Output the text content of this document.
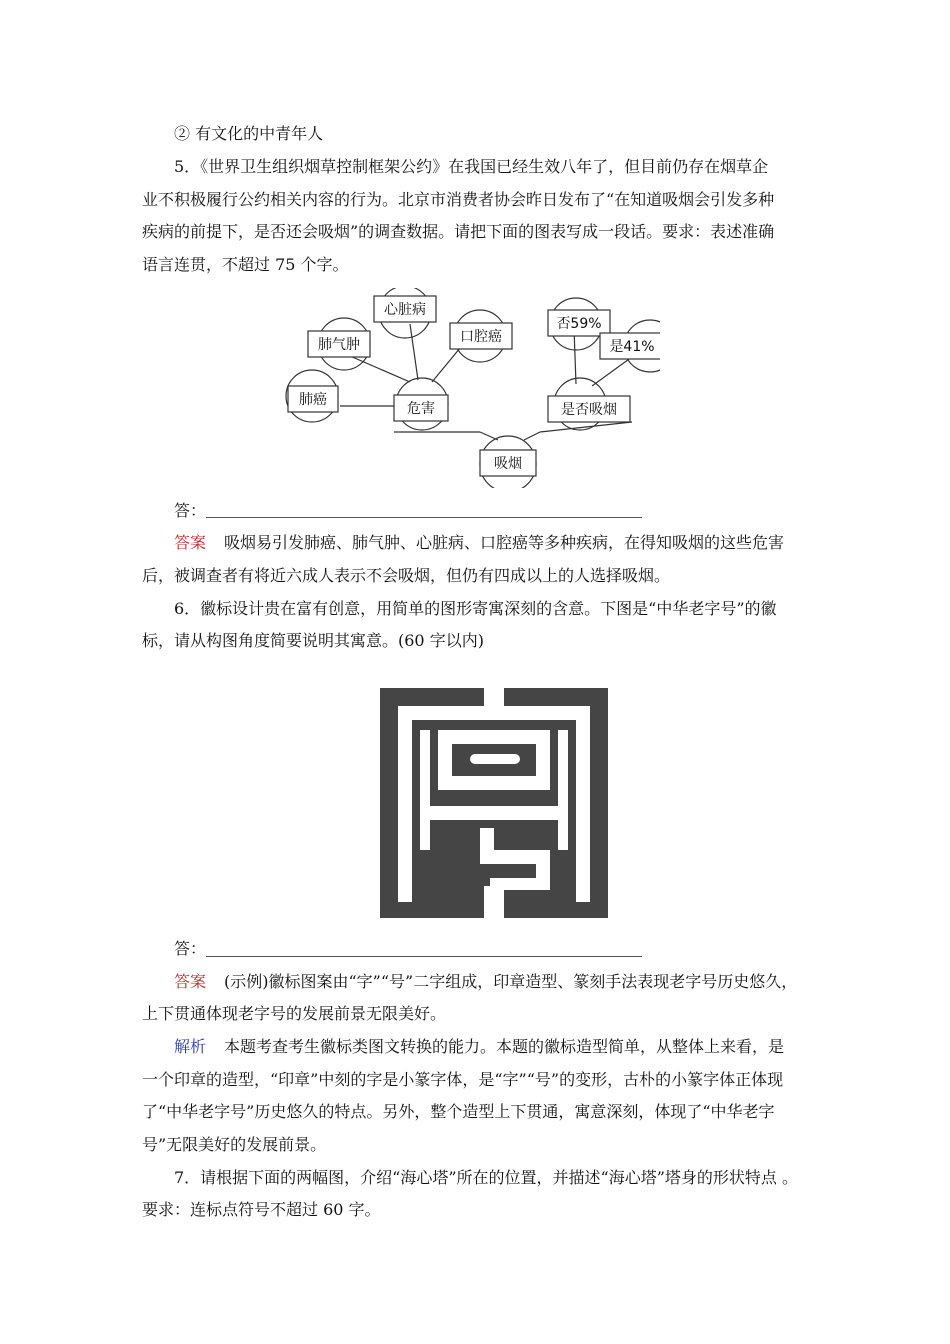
② 有文化的中青年人
5．《世界卫生组织烟草控制框架公约》在我国已经生效八年了，但目前仍存在烟草企
业不积极履行公约相关内容的行为。北京市消费者协会昨日发布了“在知道吸烟会引发多种
疾病的前提下，是否还会吸烟”的调查数据。请把下面的图表写成一段话。要求：表述准确
语言连贯，不超过 75 个字。
肺癌
肺气肿
心脏病
口腔癌
危害	是否吸烟
否59%
是41%
吸烟
答：
答案 吸烟易引发肺癌、肺气肿、心脏病、口腔癌等多种疾病，在得知吸烟的这些危害
后，被调查者有将近六成人表示不会吸烟，但仍有四成以上的人选择吸烟。
6．徽标设计贵在富有创意，用简单的图形寄寓深刻的含意。下图是“中华老字号”的徽
标，请从构图角度简要说明其寓意。(60 字以内)
答：
答案 (示例)徽标图案由“字”“号”二字组成，印章造型、篆刻手法表现老字号历史悠久，
上下贯通体现老字号的发展前景无限美好。
解析 本题考查考生徽标类图文转换的能力。本题的徽标造型简单，从整体上来看，是
一个印章的造型，“印章”中刻的字是小篆字体，是“字”“号”的变形，古朴的小篆字体正体现
了“中华老字号”历史悠久的特点。另外，整个造型上下贯通，寓意深刻，体现了“中华老字
号”无限美好的发展前景。
7．请根据下面的两幅图，介绍“海心塔”所在的位置，并描述“海心塔”塔身的形状特点 。
要求：连标点符号不超过 60 字。
